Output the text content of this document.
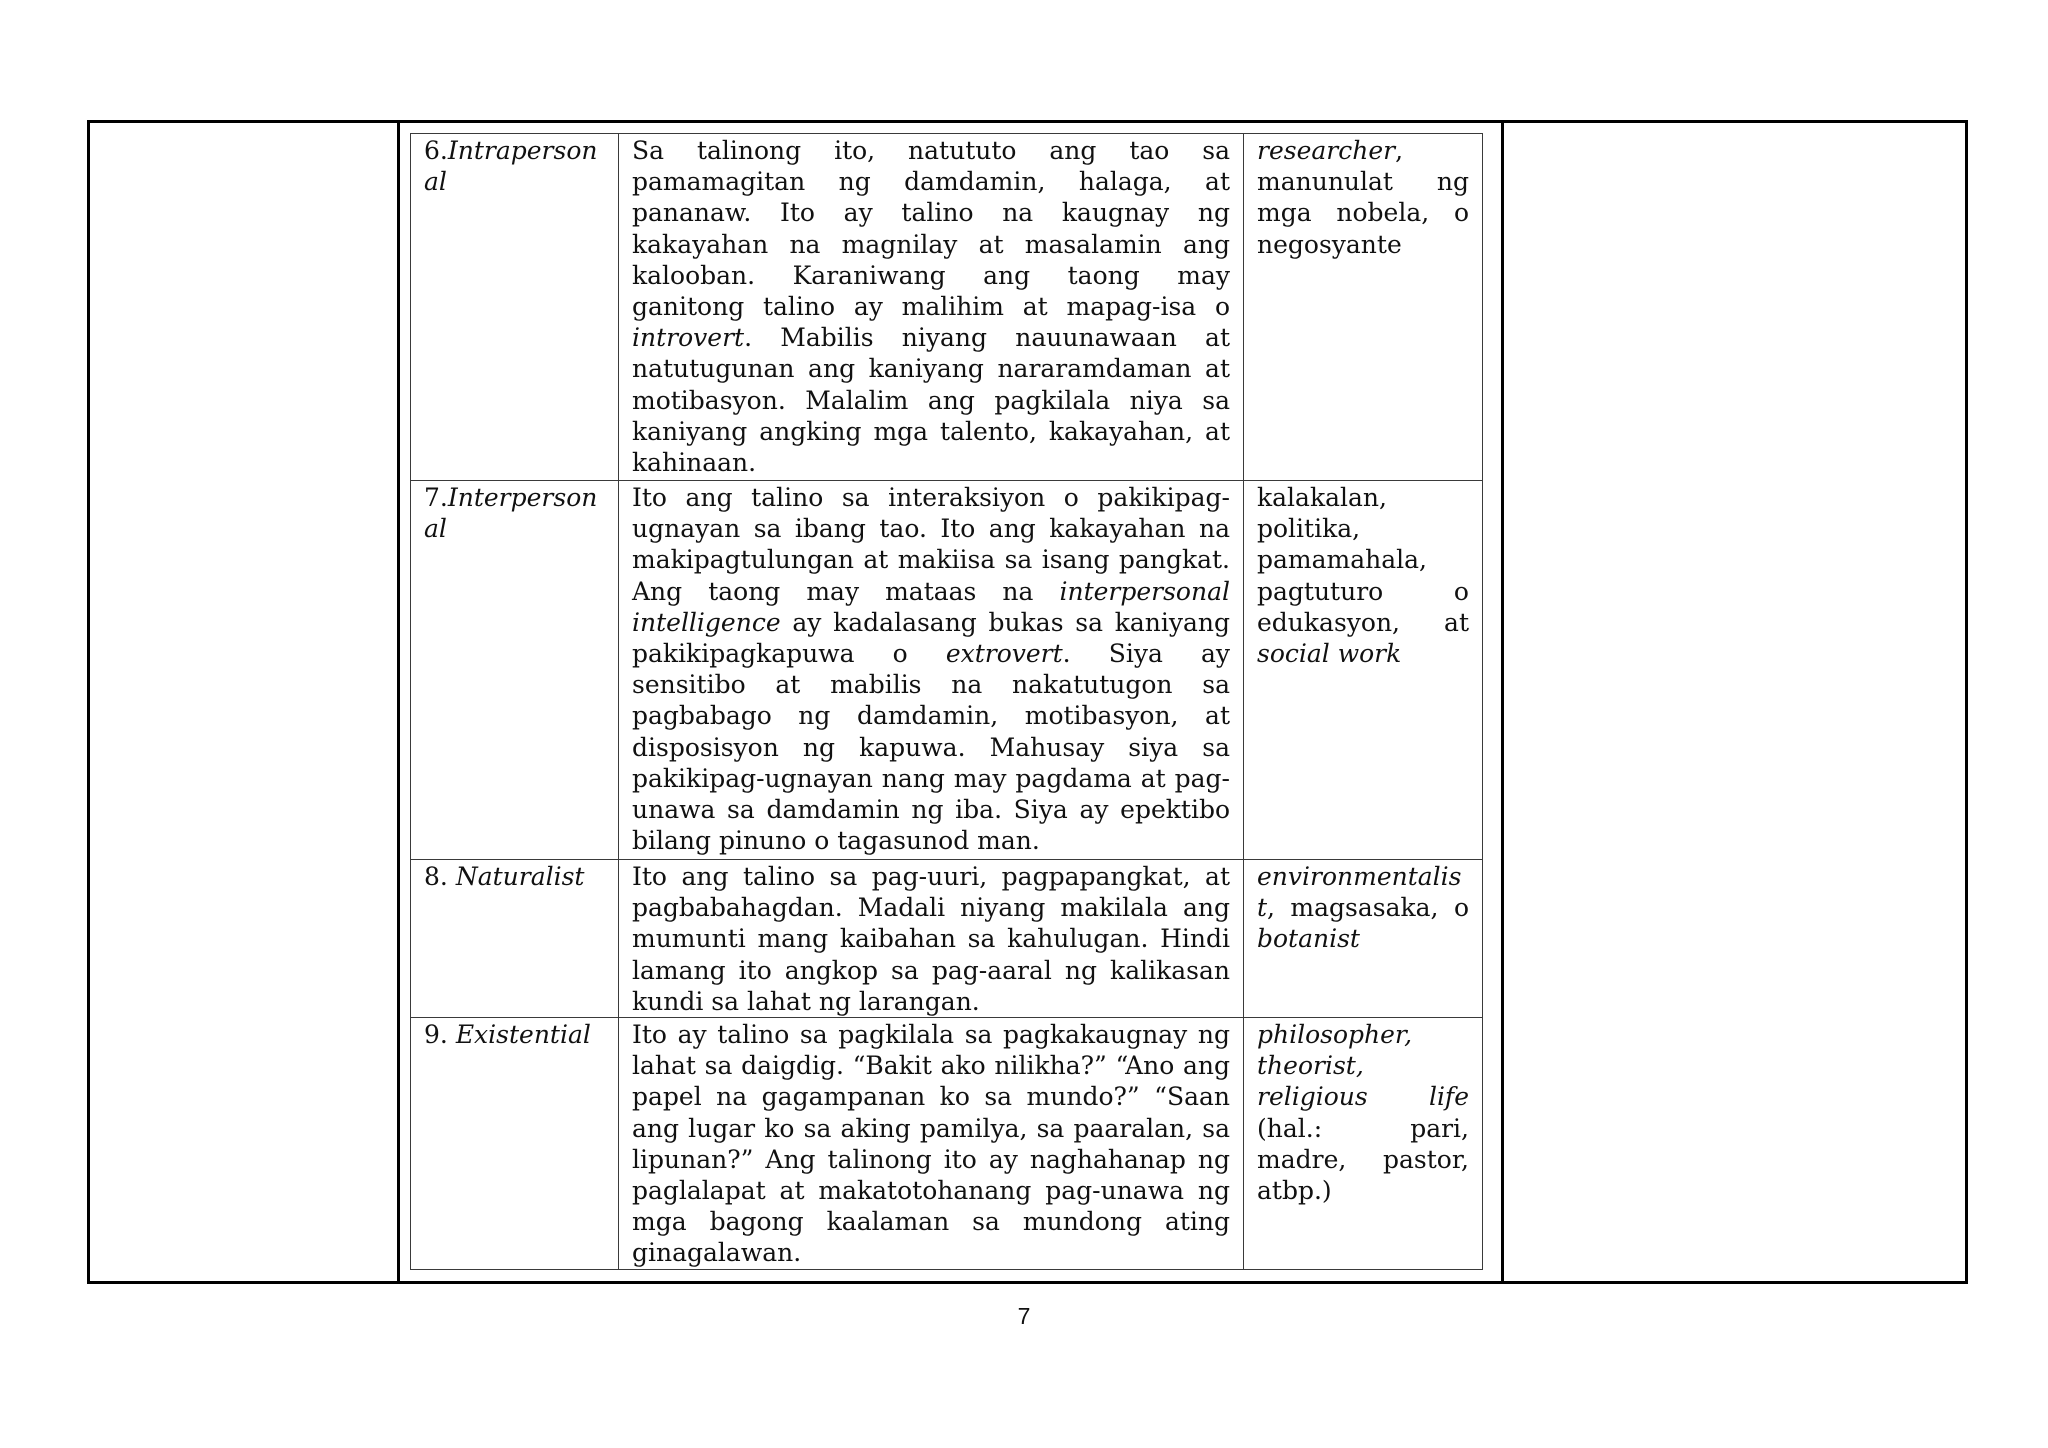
6.Intrapersonal	Sa talinong ito, natututo ang tao sa pamamagitan ng damdamin, halaga, at pananaw. Ito ay talino na kaugnay ng kakayahan na magnilay at masalamin ang kalooban. Karaniwang ang taong may ganitong talino ay malihim at mapag-isa o introvert. Mabilis niyang nauunawaan at natutugunan ang kaniyang nararamdaman at motibasyon. Malalim ang pagkilala niya sa kaniyang angking mga talento, kakayahan, at kahinaan.	researcher, manunulat ng mga nobela, o negosyante
7.Interpersonal	Ito ang talino sa interaksiyon o pakikipag-ugnayan sa ibang tao. Ito ang kakayahan na makipagtulungan at makiisa sa isang pangkat. Ang taong may mataas na interpersonal intelligence ay kadalasang bukas sa kaniyang pakikipagkapuwa o extrovert. Siya ay sensitibo at mabilis na nakatutugon sa pagbabago ng damdamin, motibasyon, at disposisyon ng kapuwa. Mahusay siya sa pakikipag-ugnayan nang may pagdama at pag-unawa sa damdamin ng iba. Siya ay epektibo bilang pinuno o tagasunod man.	kalakalan, politika, pamamahala, pagtuturo o edukasyon, at social work
8. Naturalist	Ito ang talino sa pag-uuri, pagpapangkat, at pagbabahagdan. Madali niyang makilala ang mumunti mang kaibahan sa kahulugan. Hindi lamang ito angkop sa pag-aaral ng kalikasan kundi sa lahat ng larangan.	environmentalist, magsasaka, o botanist
9. Existential	Ito ay talino sa pagkilala sa pagkakaugnay ng lahat sa daigdig. “Bakit ako nilikha?” “Ano ang papel na gagampanan ko sa mundo?” “Saan ang lugar ko sa aking pamilya, sa paaralan, sa lipunan?” Ang talinong ito ay naghahanap ng paglalapat at makatotohanang pag-unawa ng mga bagong kaalaman sa mundong ating ginagalawan.	philosopher, theorist, religious life (hal.: pari, madre, pastor, atbp.)
7
